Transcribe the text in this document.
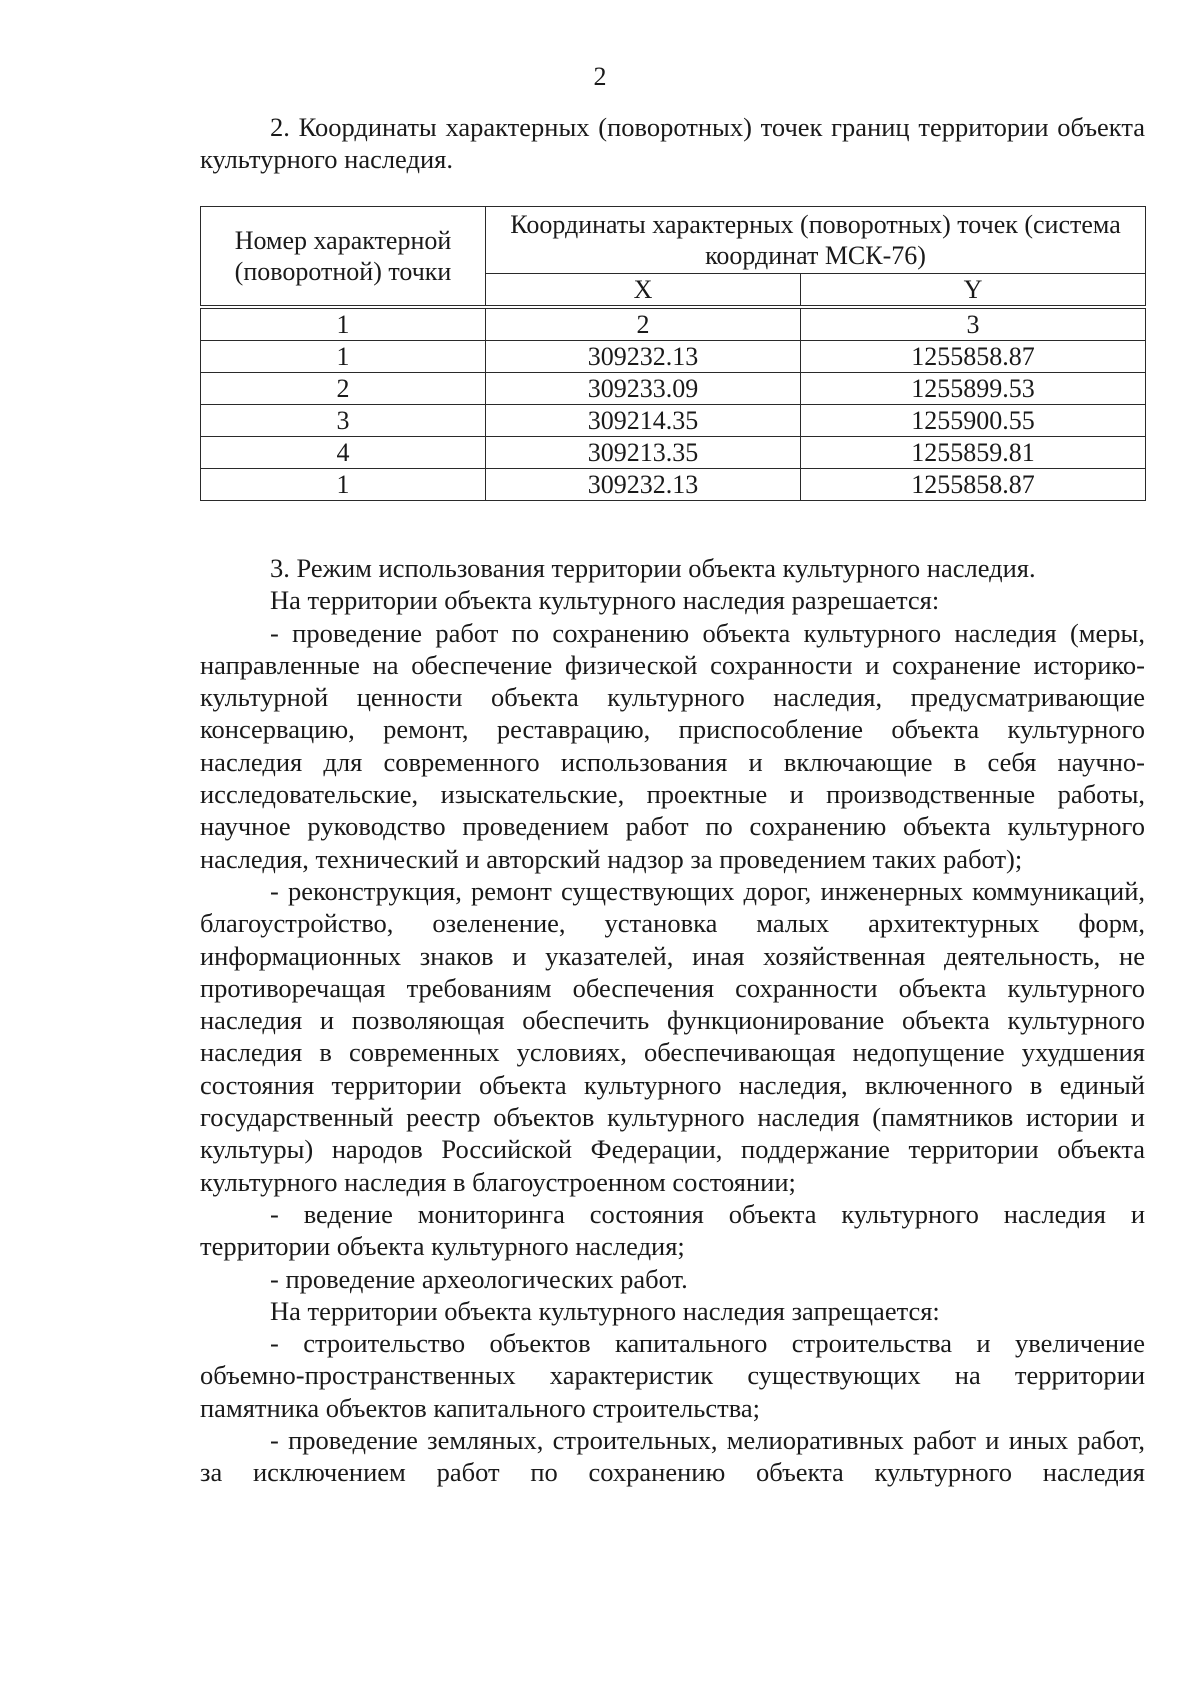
2

2. Координаты характерных (поворотных) точек границ территории объекта культурного наследия.

Номер характерной (поворотной) точки	Координаты характерных (поворотных) точек (система координат МСК-76)	
	X	Y
1	2	3
1	309232.13	1255858.87
2	309233.09	1255899.53
3	309214.35	1255900.55
4	309213.35	1255859.81
1	309232.13	1255858.87

3. Режим использования территории объекта культурного наследия.

На территории объекта культурного наследия разрешается:

- проведение работ по сохранению объекта культурного наследия (меры, направленные на обеспечение физической сохранности и сохранение историко-культурной ценности объекта культурного наследия, предусматривающие консервацию, ремонт, реставрацию, приспособление объекта культурного наследия для современного использования и включающие в себя научно-исследовательские, изыскательские, проектные и производственные работы, научное руководство проведением работ по сохранению объекта культурного наследия, технический и авторский надзор за проведением таких работ);

- реконструкция, ремонт существующих дорог, инженерных коммуникаций, благоустройство, озеленение, установка малых архитектурных форм, информационных знаков и указателей, иная хозяйственная деятельность, не противоречащая требованиям обеспечения сохранности объекта культурного наследия и позволяющая обеспечить функционирование объекта культурного наследия в современных условиях, обеспечивающая недопущение ухудшения состояния территории объекта культурного наследия, включенного в единый государственный реестр объектов культурного наследия (памятников истории и культуры) народов Российской Федерации, поддержание территории объекта культурного наследия в благоустроенном состоянии;

- ведение мониторинга состояния объекта культурного наследия и территории объекта культурного наследия;

- проведение археологических работ.

На территории объекта культурного наследия запрещается:

- строительство объектов капитального строительства и увеличение объемно-пространственных характеристик существующих на территории памятника объектов капитального строительства;

- проведение земляных, строительных, мелиоративных работ и иных работ, за исключением работ по сохранению объекта культурного наследия
